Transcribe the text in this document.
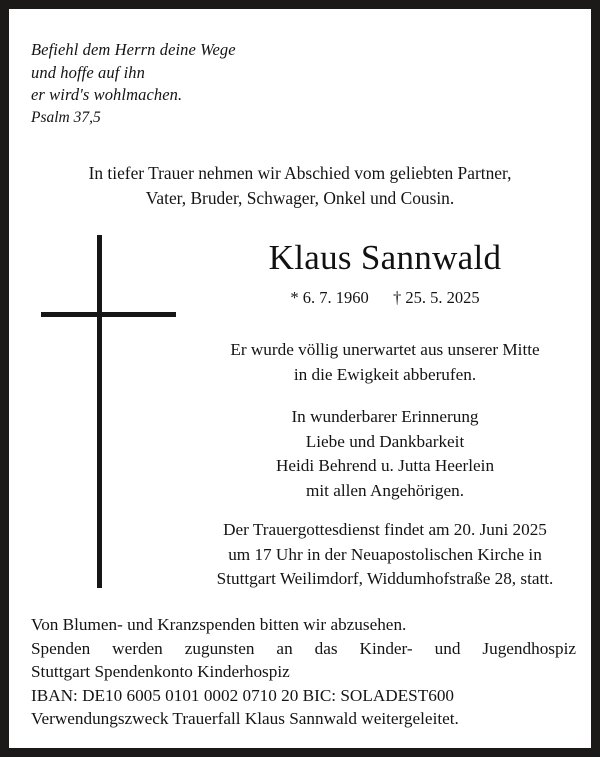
Befiehl dem Herrn deine Wege
und hoffe auf ihn
er wird's wohlmachen.
Psalm 37,5
In tiefer Trauer nehmen wir Abschied vom geliebten Partner,
Vater, Bruder, Schwager, Onkel und Cousin.
Klaus Sannwald
* 6. 7. 1960 † 25. 5. 2025
Er wurde völlig unerwartet aus unserer Mitte
in die Ewigkeit abberufen.
In wunderbarer Erinnerung
Liebe und Dankbarkeit
Heidi Behrend u. Jutta Heerlein
mit allen Angehörigen.
Der Trauergottesdienst findet am 20. Juni 2025
um 17 Uhr in der Neuapostolischen Kirche in
Stuttgart Weilimdorf, Widdumhofstraße 28, statt.
Von Blumen- und Kranzspenden bitten wir abzusehen.
Spenden werden zugunsten an das Kinder- und Jugendhospiz
Stuttgart Spendenkonto Kinderhospiz
IBAN: DE10 6005 0101 0002 0710 20 BIC: SOLADEST600
Verwendungszweck Trauerfall Klaus Sannwald weitergeleitet.
